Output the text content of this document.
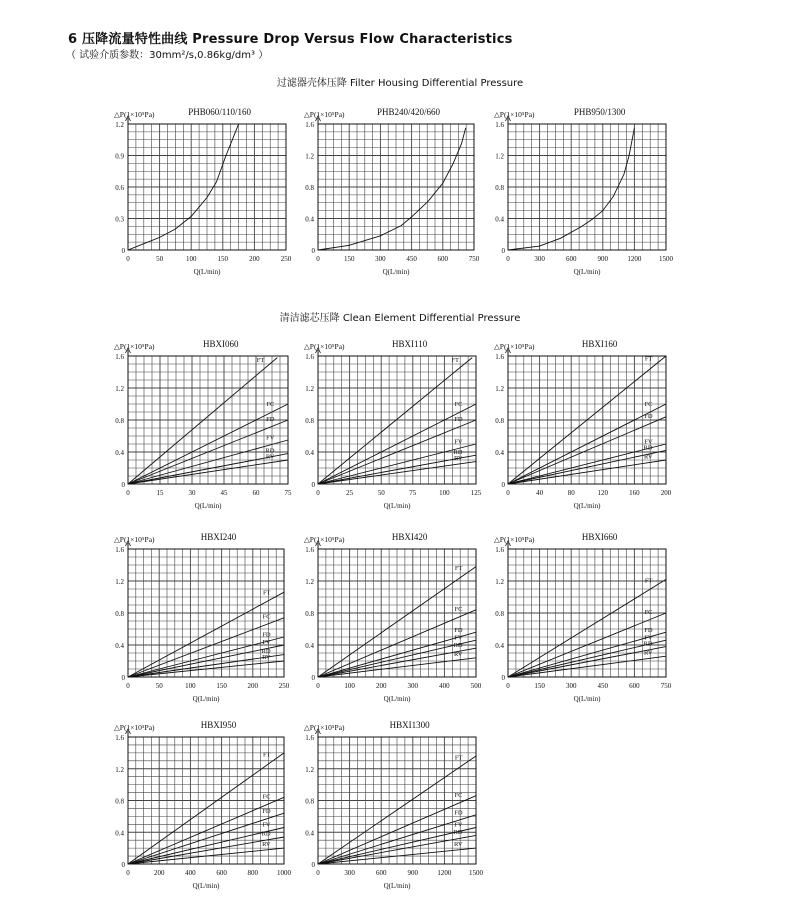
6 压降流量特性曲线 Pressure Drop Versus Flow Characteristics
（ 试验介质参数：30mm²/s,0.86kg/dm³ ）
过滤器壳体压降 Filter Housing Differential Pressure
清洁滤芯压降 Clean Element Differential Pressure
PHB060/110/160
△P(1×10⁵Pa)
Q(L/min)
0	50	100	150	200	250
0
0.3
0.6
0.9
1.2
PHB240/420/660
△P(1×10⁵Pa)
Q(L/min)
0	150	300	450	600	750
0
0.4
0.8
1.2
1.6
PHB950/1300
△P(1×10⁵Pa)
Q(L/min)
0	300	600	900	1200	1500
0
0.4
0.8
1.2
1.6
HBXI060
△P(1×10⁵Pa)
Q(L/min)
0	15	30	45	60	75
0
0.4
0.8
1.2
1.6	FT
FC
FD
FV
RD
RV
HBXI110
△P(1×10⁵Pa)
Q(L/min)
0	25	50	75	100	125
0
0.4
0.8
1.2
1.6	FT
FC
FD
FV
RD
RV
HBXI160
△P(1×10⁵Pa)
Q(L/min)
0	40	80	120	160	200
0
0.4
0.8
1.2
1.6	FT
FC
FD
FV
RD
RV
HBXI240
△P(1×10⁵Pa)
Q(L/min)
0	50	100	150	200	250
0
0.4
0.8
1.2
1.6
FT
FC
FD
FV
RD
RV
HBXI420
△P(1×10⁵Pa)
Q(L/min)
0	100	200	300	400	500
0
0.4
0.8
1.2
1.6
FT
FC
FD
FV
RD
RV
HBXI660
△P(1×10⁵Pa)
Q(L/min)
0	150	300	450	600	750
0
0.4
0.8
1.2
1.6
FT
FC
FD
FV
RD
RV
HBXI950
△P(1×10⁵Pa)
Q(L/min)
0	200	400	600	800	1000
0
0.4
0.8
1.2
1.6
FT
FC
FD
FV
RD
RV
HBXI1300
△P(1×10⁵Pa)
Q(L/min)
0	300	600	900	1200	1500
0
0.4
0.8
1.2
1.6
FT
FC
FD
FV
RD
RV
